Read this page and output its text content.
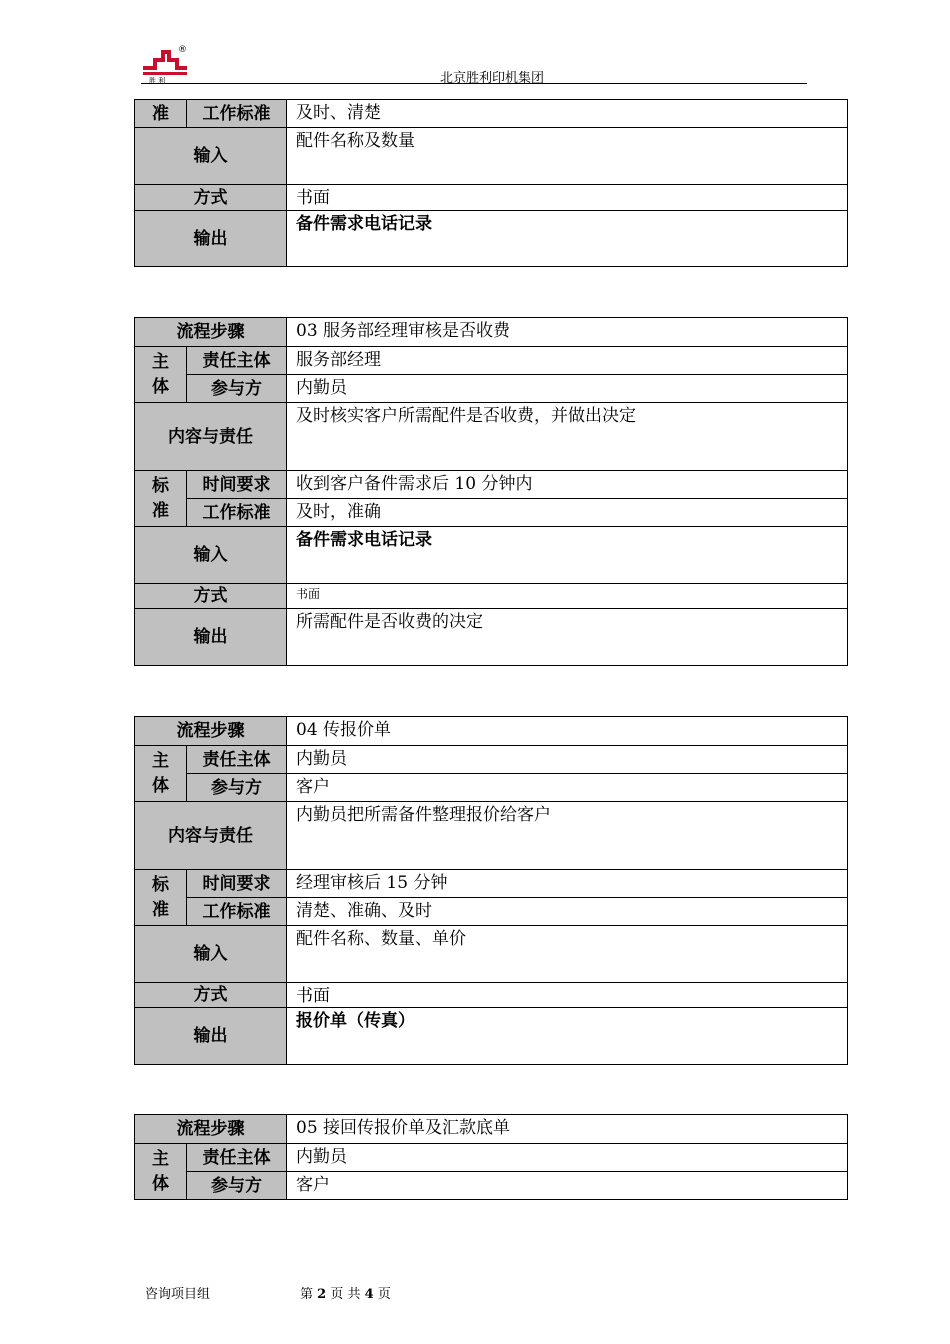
®
胜 利	北京胜利印机集团
准	工作标准	及时、清楚
输入		配件名称及数量
方式		书面
输出		备件需求电话记录
流程步骤		03 服务部经理审核是否收费
主
体	责任主体	服务部经理
	参与方	内勤员
内容与责任		及时核实客户所需配件是否收费，并做出决定
标
准	时间要求	收到客户备件需求后 10 分钟内
	工作标准	及时，准确
输入		备件需求电话记录
方式		书面
输出		所需配件是否收费的决定
流程步骤		04 传报价单
主
体	责任主体	内勤员
	参与方	客户
内容与责任		内勤员把所需备件整理报价给客户
标
准	时间要求	经理审核后 15 分钟
	工作标准	清楚、准确、及时
输入		配件名称、数量、单价
方式		书面
输出		报价单（传真）
流程步骤		05 接回传报价单及汇款底单
主
体	责任主体	内勤员
	参与方	客户
咨询项目组	第 2 页 共 4 页
